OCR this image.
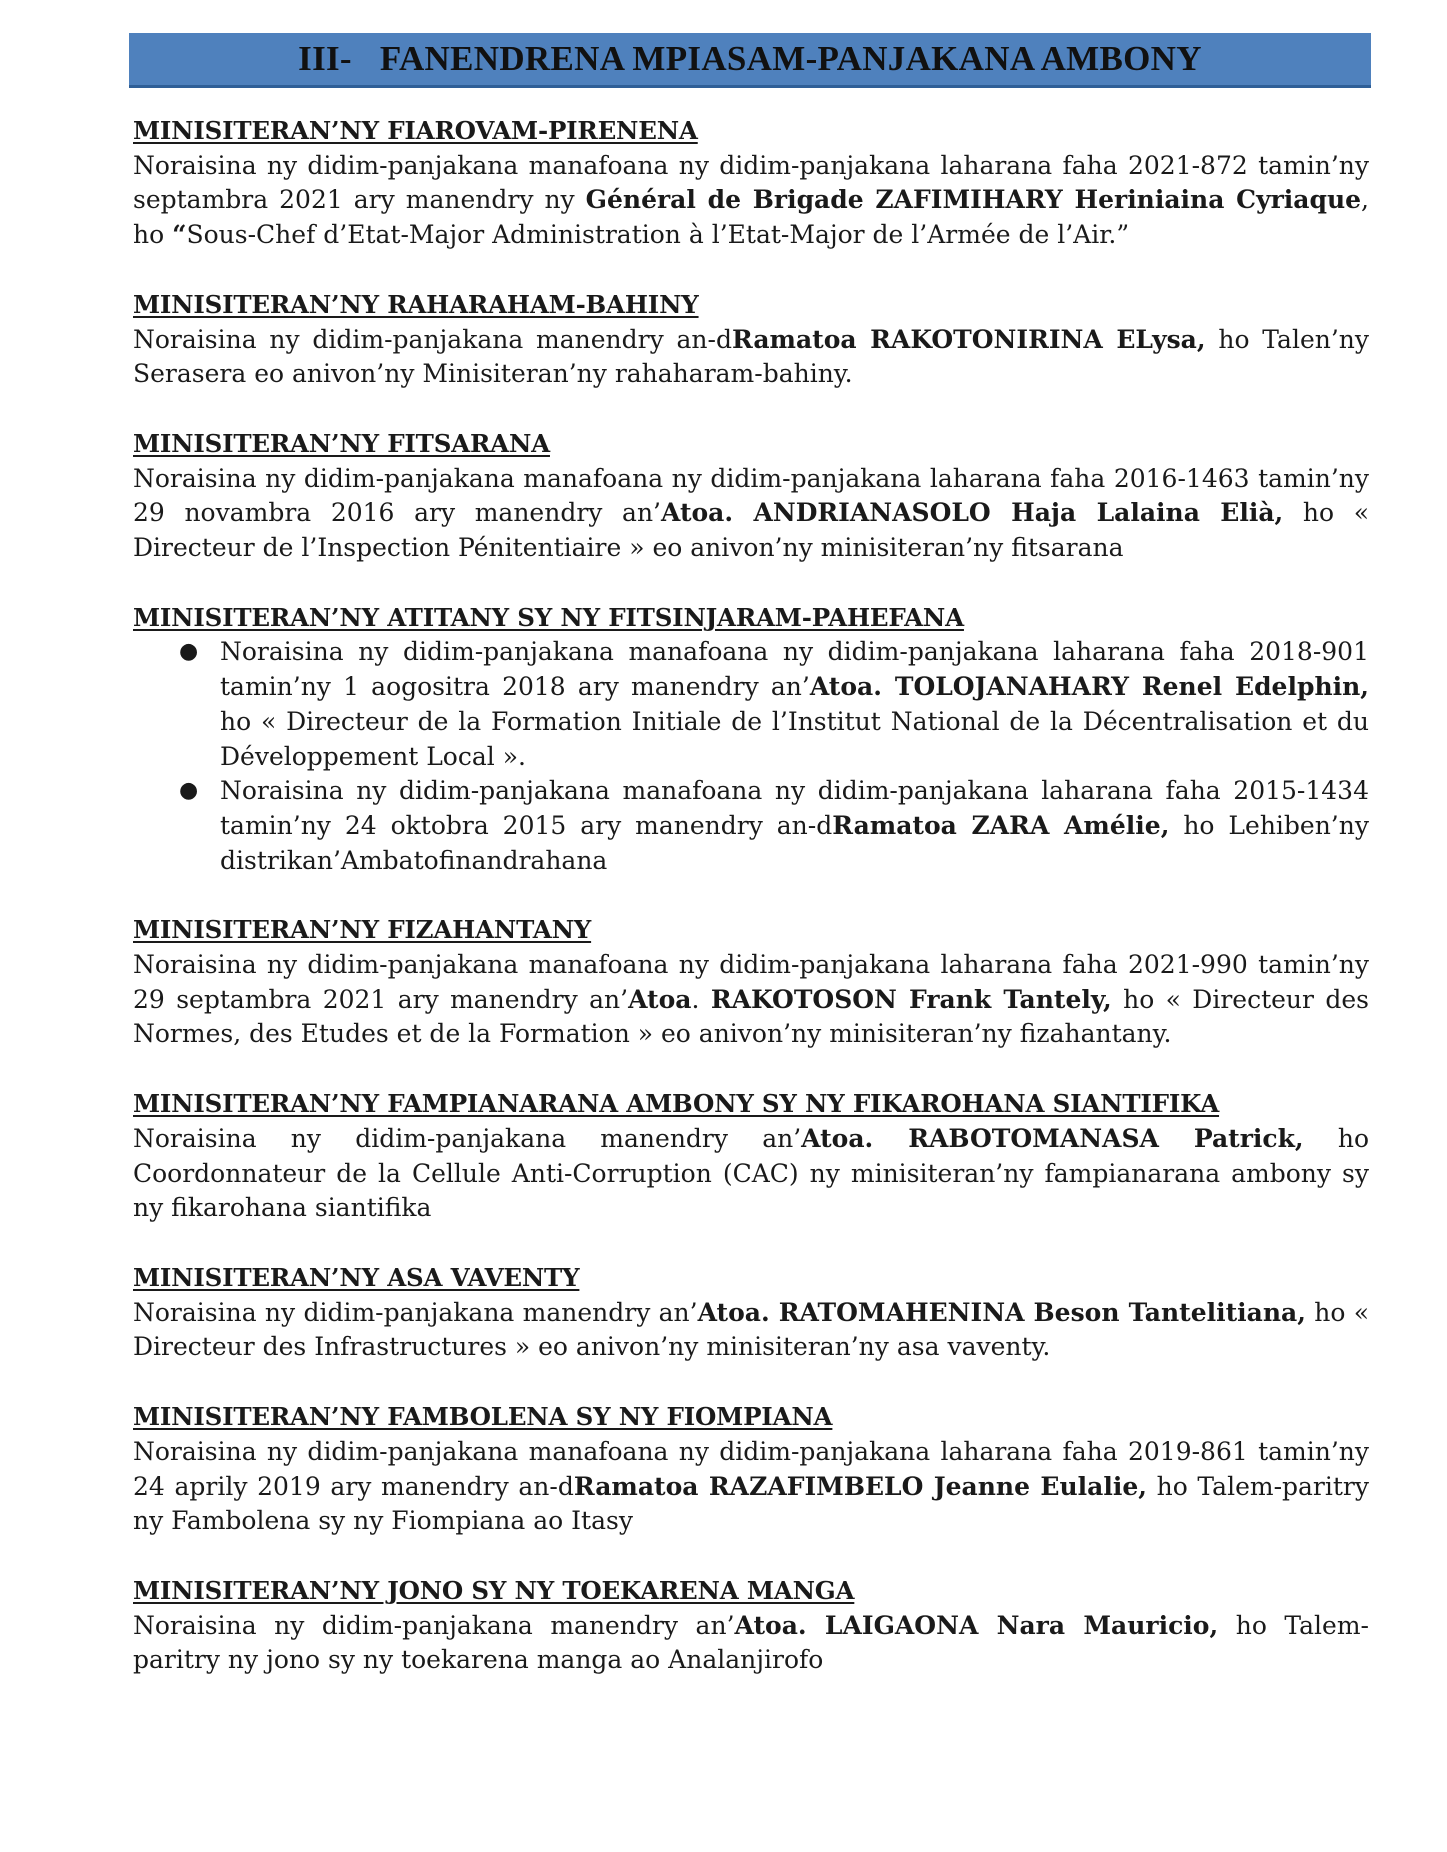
III- FANENDRENA MPIASAM-PANJAKANA AMBONY
MINISITERAN’NY FIAROVAM-PIRENENA
Noraisina ny didim-panjakana manafoana ny didim-panjakana laharana faha 2021-872 tamin’ny septambra 2021 ary manendry ny Général de Brigade ZAFIMIHARY Heriniaina Cyriaque, ho “Sous-Chef d’Etat-Major Administration à l’Etat-Major de l’Armée de l’Air.”
MINISITERAN’NY RAHARAHAM-BAHINY
Noraisina ny didim-panjakana manendry an-dRamatoa RAKOTONIRINA ELysa, ho Talen’ny Serasera eo anivon’ny Minisiteran’ny rahaharam-bahiny.
MINISITERAN’NY FITSARANA
Noraisina ny didim-panjakana manafoana ny didim-panjakana laharana faha 2016-1463 tamin’ny 29 novambra 2016 ary manendry an’Atoa. ANDRIANASOLO Haja Lalaina Elià, ho « Directeur de l’Inspection Pénitentiaire » eo anivon’ny minisiteran’ny fitsarana
MINISITERAN’NY ATITANY SY NY FITSINJARAM-PAHEFANA
● Noraisina ny didim-panjakana manafoana ny didim-panjakana laharana faha 2018-901 tamin’ny 1 aogositra 2018 ary manendry an’Atoa. TOLOJANAHARY Renel Edelphin, ho « Directeur de la Formation Initiale de l’Institut National de la Décentralisation et du Développement Local ».
● Noraisina ny didim-panjakana manafoana ny didim-panjakana laharana faha 2015-1434 tamin’ny 24 oktobra 2015 ary manendry an-dRamatoa ZARA Amélie, ho Lehiben’ny distrikan’Ambatofinandrahana
MINISITERAN’NY FIZAHANTANY
Noraisina ny didim-panjakana manafoana ny didim-panjakana laharana faha 2021-990 tamin’ny 29 septambra 2021 ary manendry an’Atoa. RAKOTOSON Frank Tantely, ho « Directeur des Normes, des Etudes et de la Formation » eo anivon’ny minisiteran’ny fizahantany.
MINISITERAN’NY FAMPIANARANA AMBONY SY NY FIKAROHANA SIANTIFIKA
Noraisina ny didim-panjakana manendry an’Atoa. RABOTOMANASA Patrick, ho Coordonnateur de la Cellule Anti-Corruption (CAC) ny minisiteran’ny fampianarana ambony sy ny fikarohana siantifika
MINISITERAN’NY ASA VAVENTY
Noraisina ny didim-panjakana manendry an’Atoa. RATOMAHENINA Beson Tantelitiana, ho « Directeur des Infrastructures » eo anivon’ny minisiteran’ny asa vaventy.
MINISITERAN’NY FAMBOLENA SY NY FIOMPIANA
Noraisina ny didim-panjakana manafoana ny didim-panjakana laharana faha 2019-861 tamin’ny 24 aprily 2019 ary manendry an-dRamatoa RAZAFIMBELO Jeanne Eulalie, ho Talem-paritry ny Fambolena sy ny Fiompiana ao Itasy
MINISITERAN’NY JONO SY NY TOEKARENA MANGA
Noraisina ny didim-panjakana manendry an’Atoa. LAIGAONA Nara Mauricio, ho Talem-paritry ny jono sy ny toekarena manga ao Analanjirofo
